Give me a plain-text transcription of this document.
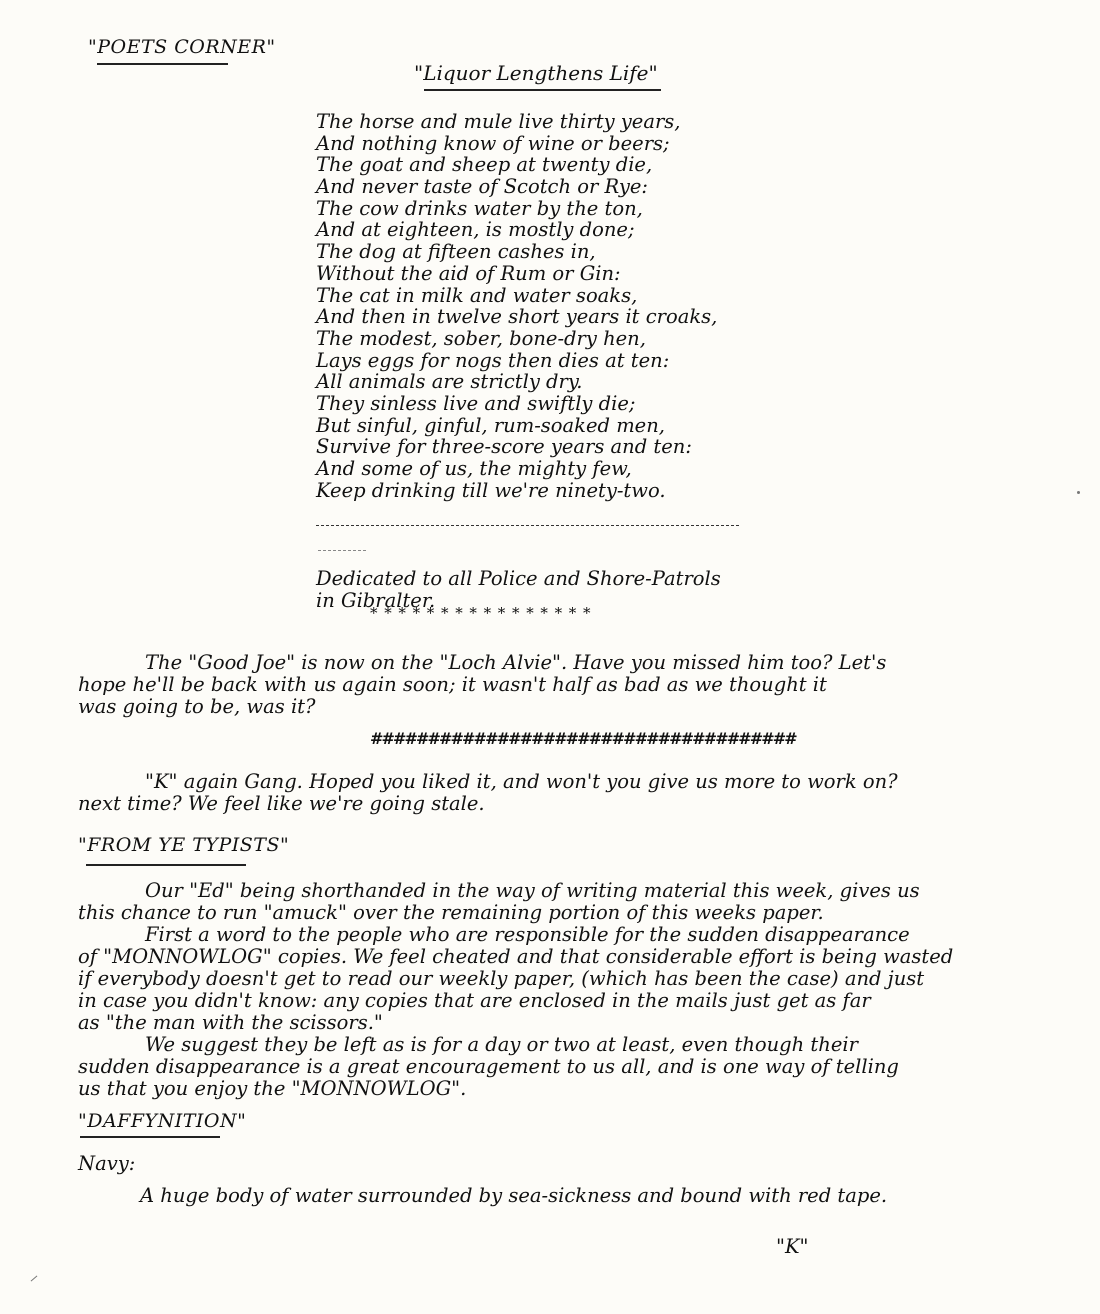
"POETS CORNER"
"Liquor Lengthens Life"
The horse and mule live thirty years,
And nothing know of wine or beers;
The goat and sheep at twenty die,
And never taste of Scotch or Rye:
The cow drinks water by the ton,
And at eighteen, is mostly done;
The dog at fifteen cashes in,
Without the aid of Rum or Gin:
The cat in milk and water soaks,
And then in twelve short years it croaks,
The modest, sober, bone-dry hen,
Lays eggs for nogs then dies at ten:
All animals are strictly dry.
They sinless live and swiftly die;
But sinful, ginful, rum-soaked men,
Survive for three-score years and ten:
And some of us, the mighty few,
Keep drinking till we're ninety-two.
Dedicated to all Police and Shore-Patrols
in Gibralter.
****************
The "Good Joe" is now on the "Loch Alvie". Have you missed him too? Let's
hope he'll be back with us again soon; it wasn't half as bad as we thought it
was going to be, was it?
#####################################
"K" again Gang. Hoped you liked it, and won't you give us more to work on?
next time? We feel like we're going stale.
"FROM YE TYPISTS"
Our "Ed" being shorthanded in the way of writing material this week, gives us
this chance to run "amuck" over the remaining portion of this weeks paper.
First a word to the people who are responsible for the sudden disappearance
of "MONNOWLOG" copies. We feel cheated and that considerable effort is being wasted
if everybody doesn't get to read our weekly paper, (which has been the case) and just
in case you didn't know: any copies that are enclosed in the mails just get as far
as "the man with the scissors."
We suggest they be left as is for a day or two at least, even though their
sudden disappearance is a great encouragement to us all, and is one way of telling
us that you enjoy the "MONNOWLOG".
"DAFFYNITION"
Navy:
A huge body of water surrounded by sea-sickness and bound with red tape.
"K"
